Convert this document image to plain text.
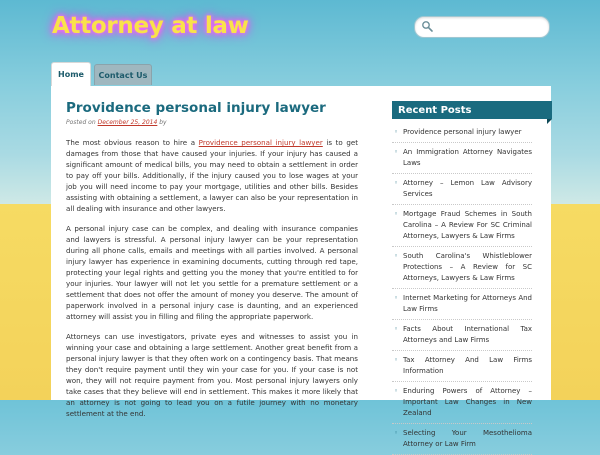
Attorney at law
Contact Us
Home
Providence personal injury lawyer
Posted on December 25, 2014 by

The most obvious reason to hire a Providence personal injury lawyer is to get damages from those that have caused your injuries. If your injury has caused a significant amount of medical bills, you may need to obtain a settlement in order to pay off your bills. Additionally, if the injury caused you to lose wages at your job you will need income to pay your mortgage, utilities and other bills. Besides assisting with obtaining a settlement, a lawyer can also be your representation in all dealing with insurance and other lawyers.

A personal injury case can be complex, and dealing with insurance companies and lawyers is stressful. A personal injury lawyer can be your representation during all phone calls, emails and meetings with all parties involved. A personal injury lawyer has experience in examining documents, cutting through red tape, protecting your legal rights and getting you the money that you're entitled to for your injuries. Your lawyer will not let you settle for a premature settlement or a settlement that does not offer the amount of money you deserve. The amount of paperwork involved in a personal injury case is daunting, and an experienced attorney will assist you in filling and filing the appropriate paperwork.

Attorneys can use investigators, private eyes and witnesses to assist you in winning your case and obtaining a large settlement. Another great benefit from a personal injury lawyer is that they often work on a contingency basis. That means they don't require payment until they win your case for you. If your case is not won, they will not require payment from you. Most personal injury lawyers only take cases that they believe will end in settlement. This makes it more likely that an attorney is not going to lead you on a futile journey with no monetary settlement at the end.

Recent Posts
◦ Providence personal injury lawyer
◦ An Immigration Attorney Navigates Laws
◦ Attorney – Lemon Law Advisory Services
◦ Mortgage Fraud Schemes in South Carolina – A Review For SC Criminal Attorneys, Lawyers & Law Firms
◦ South Carolina's Whistleblower Protections – A Review for SC Attorneys, Lawyers & Law Firms
◦ Internet Marketing for Attorneys And Law Firms
◦ Facts About International Tax Attorneys and Law Firms
◦ Tax Attorney And Law Firms Information
◦ Enduring Powers of Attorney – Important Law Changes in New Zealand
◦ Selecting Your Mesothelioma Attorney or Law Firm
